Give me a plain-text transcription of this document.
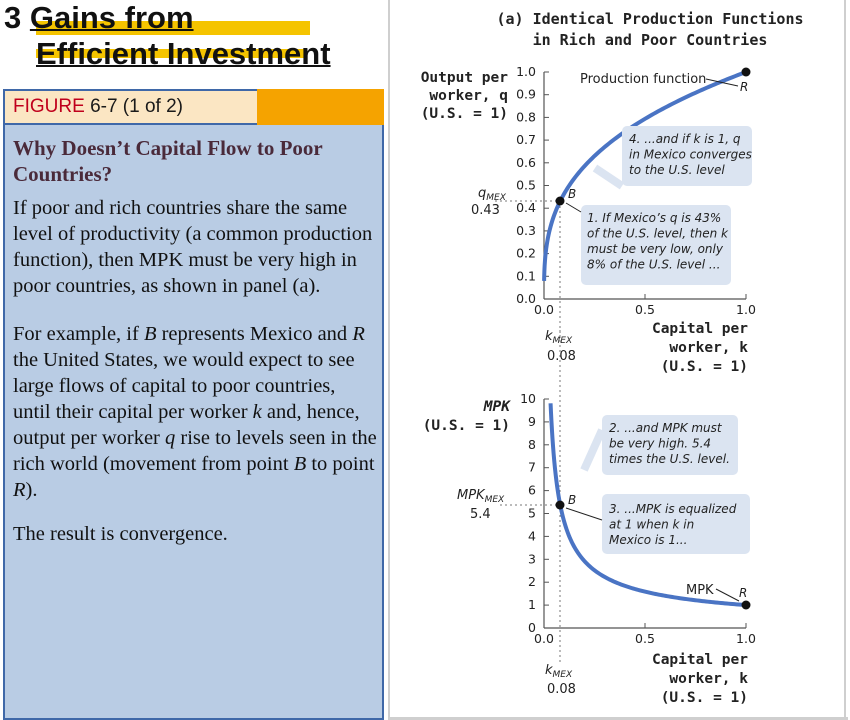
3 Gains from
Efficient Investment
FIGURE 6-7 (1 of 2)

Why Doesn’t Capital Flow to Poor Countries?

If poor and rich countries share the same level of productivity (a common production function), then MPK must be very high in poor countries, as shown in panel (a).

For example, if B represents Mexico and R the United States, we would expect to see large flows of capital to poor countries, until their capital per worker k and, hence, output per worker q rise to levels seen in the rich world (movement from point B to point R).

The result is convergence.

(a) Identical Production Functions
in Rich and Poor Countries
Output per
worker, q
(U.S. = 1)
1.0
0.9
0.8
0.7
0.6
0.5
0.4
0.3
0.2
0.1
0.0
0.0	0.5	1.0
B
R
Production function
$q_{MEX}$
0.43
$k_{MEX}$
0.08
Capital per
worker, k
(U.S. = 1)
4. ...and if k is 1, q
in Mexico converges
to the U.S. level
1. If Mexico’s q is 43%
of the U.S. level, then k
must be very low, only
8% of the U.S. level ...
MPK
(U.S. = 1)
10
9
8
7
6
5
4
3
2
1
0
0.0	0.5	1.0
B
R
MPK
$MPK_{MEX}$
5.4
$k_{MEX}$
0.08
Capital per
worker, k
(U.S. = 1)
2. ...and MPK must
be very high. 5.4
times the U.S. level.
3. ...MPK is equalized
at 1 when k in
Mexico is 1...
